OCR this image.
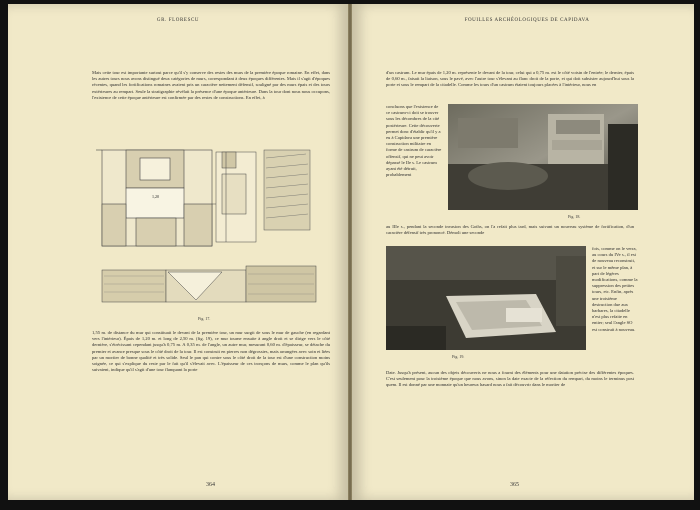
GR. FLORESCU

Mais cette tour est importante surtout parce qu'il s'y conserve des restes des murs de la première époque romaine. En effet, dans les autres tours nous avons distingué deux catégories de murs, correspondant à deux époques différentes. Mais il s'agit d'époques récentes, quand les fortifications romaines avaient pris un caractère nettement défensif, souligné par des murs épais et des tours extérieures au rempart. Seule la stratigraphie révélait la présence d'une époque antérieure. Dans la tour dont nous nous occupons, l'existence de cette époque antérieure est confirmée par des restes de constructions. En effet, à

1,20
Fig. 17.

1,55 m. de distance du mur qui constituait le devant de la première tour, un mur surgit de sous le mur de gauche (en regardant vers l'intérieur). Épais de 1,20 m. et long de 2,50 m. (fig. 19), ce mur tourne ensuite à angle droit et se dirige vers le côté dernière, s'étrécissant cependant jusqu'à 0,75 m. A 0,35 m. de l'angle, un autre mur, mesurant 0,60 m. d'épaisseur, se détache du premier et avance presque sous le côté droit de la tour. Il est construit en pierres non dégrossies, mais arrangées avec soin et liées par un mortier de bonne qualité et très solide. Seul le pan qui contre sous le côté droit de la tour est d'une construction moins soignée, ce qui s'explique du reste par le fait qu'il s'élevait avec. L'épaisseur de ces tronçons de murs, comme le plan qu'ils suivaient, indique qu'il s'agit d'une tour flanquant la porte

364
FOUILLES ARCHÉOLOGIQUES DE CAPIDAVA

d'un castrum. Le mur épais de 1,20 m. représente le devant de la tour, celui qui a 0,75 m. est le côté voisin de l'entrée; le dernier, épais de 0,60 m., faisait la liaison, sous le pavé, avec l'autre tour s'élevant au flanc droit de la porte, et qui doit subsister aujourd'hui sous la porte et sous le rempart de la citadelle. Comme les tours d'un castrum étaient toujours placées à l'intérieur, nous en

concluons que l'existence de ce castrum-ci doit se trouver sous les décombres de la cité postérieure. Cette découverte permet donc d'établir qu'il y a eu à Capidava une première construction militaire en forme de castrum de caractère offensif, qui ne peut avoir dépassé le IIe s. Le castrum ayant été détruit, probablement

Fig. 18.

au IIIe s., pendant la seconde invasion des Goths, on l'a refait plus tard, mais suivant un nouveau système de fortification, d'un caractère défensif très prononcé. Démoli une seconde

Fig. 19.

fois, comme on le verra, au cours du IVe s., il est de nouveau reconstruit, et sur le même plan, à part de légères modifications, comme la suppression des petites tours, etc. Enfin, après une troisième destruction due aux barbares, la citadelle n'est plus refaite en entier; seul l'angle SO est construit à nouveau.

Date. Jusqu'à présent, aucun des objets découverts ne nous a fourni des éléments pour une datation précise des différentes époques. C'est seulement pour la troisième époque que nous avons, sinon la date exacte de la réfection du rempart, du moins le terminus post quem. Il est donné par une monnaie qu'un heureux hasard nous a fait découvrir dans le mortier de

365
